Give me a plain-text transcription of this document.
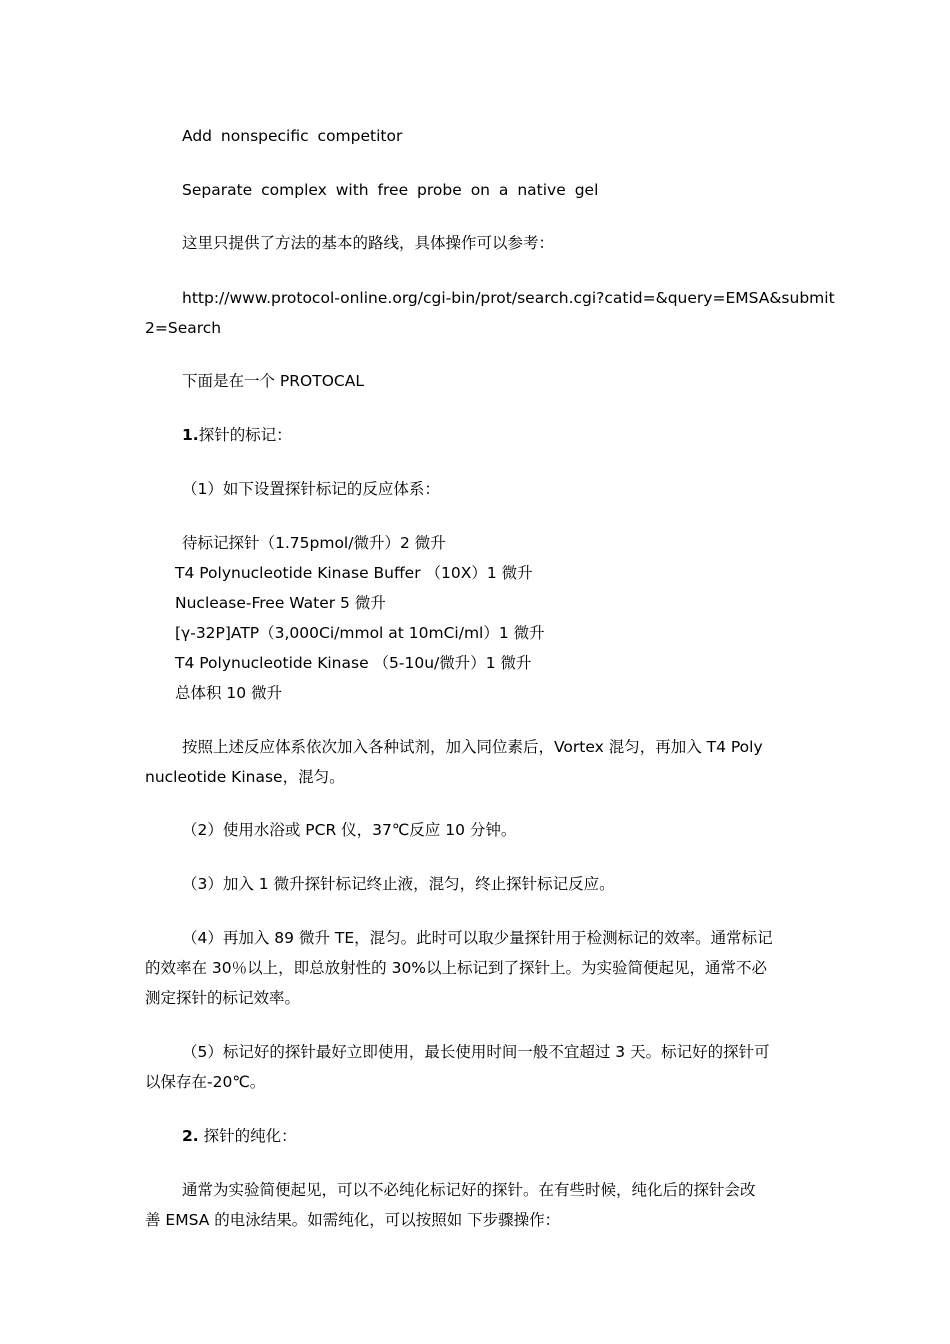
Add nonspecific competitor
Separate complex with free probe on a native gel
这里只提供了方法的基本的路线，具体操作可以参考：
http://www.protocol-online.org/cgi-bin/prot/search.cgi?catid=&query=EMSA&submit
2=Search
下面是在一个 PROTOCAL
1.探针的标记：
（1）如下设置探针标记的反应体系：
待标记探针（1.75pmol/微升）2 微升
T4 Polynucleotide Kinase Buffer （10X）1 微升
Nuclease-Free Water 5 微升
[γ-32P]ATP（3,000Ci/mmol at 10mCi/ml）1 微升
T4 Polynucleotide Kinase （5-10u/微升）1 微升
总体积 10 微升
按照上述反应体系依次加入各种试剂，加入同位素后，Vortex 混匀，再加入 T4 Poly
nucleotide Kinase，混匀。
（2）使用水浴或 PCR 仪，37℃反应 10 分钟。
（3）加入 1 微升探针标记终止液，混匀，终止探针标记反应。
（4）再加入 89 微升 TE，混匀。此时可以取少量探针用于检测标记的效率。通常标记
的效率在 30％以上，即总放射性的 30%以上标记到了探针上。为实验简便起见，通常不必
测定探针的标记效率。
（5）标记好的探针最好立即使用，最长使用时间一般不宜超过 3 天。标记好的探针可
以保存在-20℃。
2. 探针的纯化：
通常为实验简便起见，可以不必纯化标记好的探针。在有些时候，纯化后的探针会改
善 EMSA 的电泳结果。如需纯化，可以按照如 下步骤操作：
